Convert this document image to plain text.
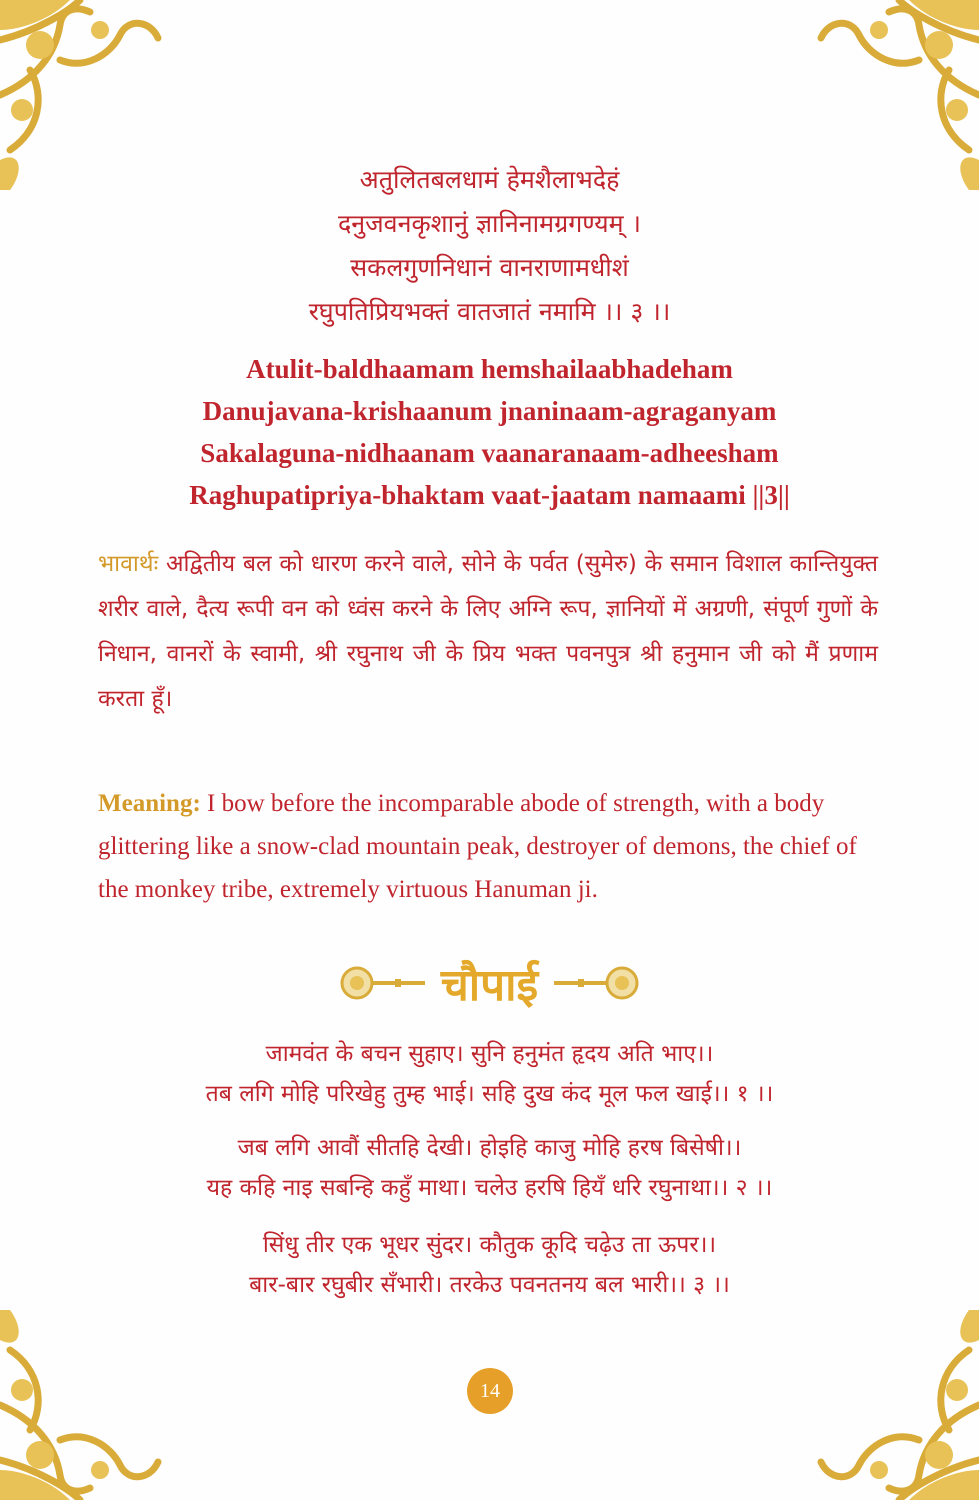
अतुलितबलधामं हेमशैलाभदेहं
दनुजवनकृशानुं ज्ञानिनामग्रगण्यम् ।
सकलगुणनिधानं वानराणामधीशं
रघुपतिप्रियभक्तं वातजातं नमामि ।। ३ ।।
Atulit-baldhaamam hemshailaabhadeham
Danujavana-krishaanum jnaninaam-agraganyam
Sakalaguna-nidhaanam vaanaranaam-adheesham
Raghupatipriya-bhaktam vaat-jaatam namaami ||3||
भावार्थः अद्वितीय बल को धारण करने वाले, सोने के पर्वत (सुमेरु) के समान विशाल कान्तियुक्त शरीर वाले, दैत्य रूपी वन को ध्वंस करने के लिए अग्नि रूप, ज्ञानियों में अग्रणी, संपूर्ण गुणों के निधान, वानरों के स्वामी, श्री रघुनाथ जी के प्रिय भक्त पवनपुत्र श्री हनुमान जी को मैं प्रणाम करता हूँ।
Meaning: I bow before the incomparable abode of strength, with a body glittering like a snow-clad mountain peak, destroyer of demons, the chief of the monkey tribe, extremely virtuous Hanuman ji.
चौपाई
जामवंत के बचन सुहाए। सुनि हनुमंत हृदय अति भाए।।
तब लगि मोहि परिखेहु तुम्ह भाई। सहि दुख कंद मूल फल खाई।। १ ।।
जब लगि आवौं सीतहि देखी। होइहि काजु मोहि हरष बिसेषी।।
यह कहि नाइ सबन्हि कहुँ माथा। चलेउ हरषि हियँ धरि रघुनाथा।। २ ।।
सिंधु तीर एक भूधर सुंदर। कौतुक कूदि चढ़ेउ ता ऊपर।।
बार-बार रघुबीर सँभारी। तरकेउ पवनतनय बल भारी।। ३ ।।
14
